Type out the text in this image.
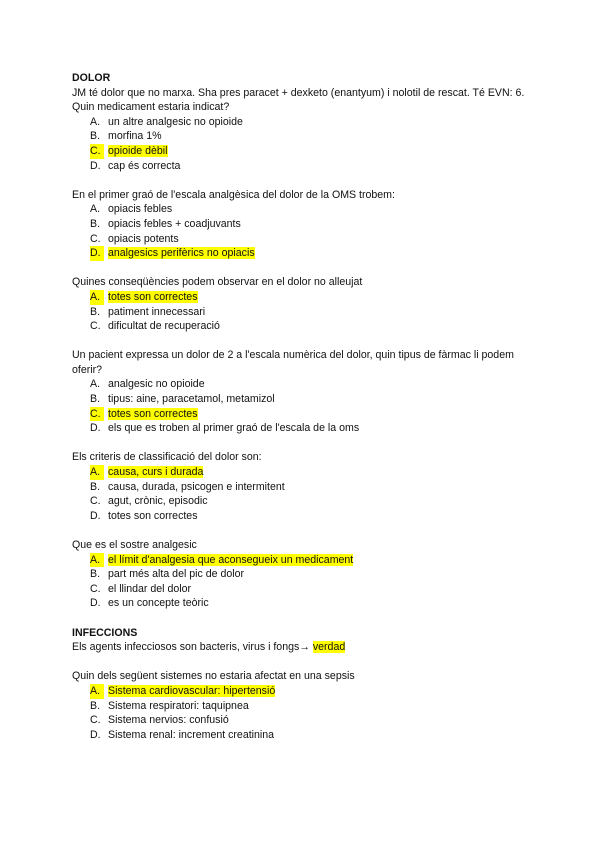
DOLOR
JM té dolor que no marxa. Sha pres paracet + dexketo (enantyum) i nolotil de rescat. Té EVN: 6. Quin medicament estaria indicat?
A. un altre analgesic no opioide
B. morfina 1%
C. opioide dèbil
D. cap és correcta
En el primer graó de l'escala analgèsica del dolor de la OMS trobem:
A. opiacis febles
B. opiacis febles + coadjuvants
C. opiacis potents
D. analgesics perifèrics no opiacis
Quines conseqüències podem observar en el dolor no alleujat
A. totes son correctes
B. patiment innecessari
C. dificultat de recuperació
Un pacient expressa un dolor de 2 a l'escala numèrica del dolor, quin tipus de fàrmac li podem oferir?
A. analgesic no opioide
B. tipus: aine, paracetamol, metamizol
C. totes son correctes
D. els que es troben al primer graó de l'escala de la oms
Els criteris de classificació del dolor son:
A. causa, curs i durada
B. causa, durada, psicogen e intermitent
C. agut, crònic, episodic
D. totes son correctes
Que es el sostre analgesic
A. el límit d'analgesia que aconsegueix un medicament
B. part més alta del pic de dolor
C. el llindar del dolor
D. es un concepte teòric
INFECCIONS
Els agents infecciosos son bacteris, virus i fongs→ verdad
Quin dels següent sistemes no estaria afectat en una sepsis
A. Sistema cardiovascular: hipertensió
B. Sistema respiratori: taquipnea
C. Sistema nervios: confusió
D. Sistema renal: increment creatinina
